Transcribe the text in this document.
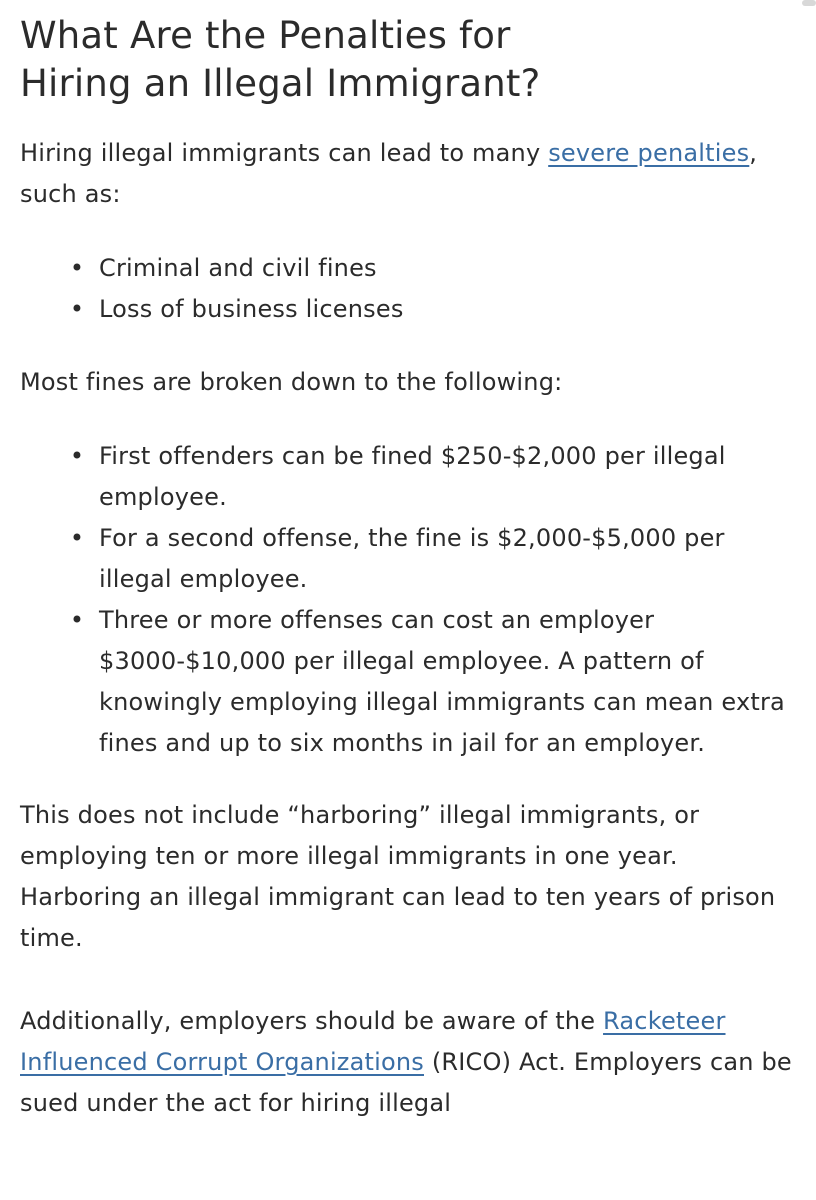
What Are the Penalties for
Hiring an Illegal Immigrant?

Hiring illegal immigrants can lead to many severe penalties, such as:

• Criminal and civil fines
• Loss of business licenses

Most fines are broken down to the following:

• First offenders can be fined $250-$2,000 per illegal employee.
• For a second offense, the fine is $2,000-$5,000 per illegal employee.
• Three or more offenses can cost an employer $3000-$10,000 per illegal employee. A pattern of knowingly employing illegal immigrants can mean extra fines and up to six months in jail for an employer.

This does not include “harboring” illegal immigrants, or employing ten or more illegal immigrants in one year. Harboring an illegal immigrant can lead to ten years of prison time.

Additionally, employers should be aware of the Racketeer Influenced Corrupt Organizations (RICO) Act. Employers can be sued under the act for hiring illegal
